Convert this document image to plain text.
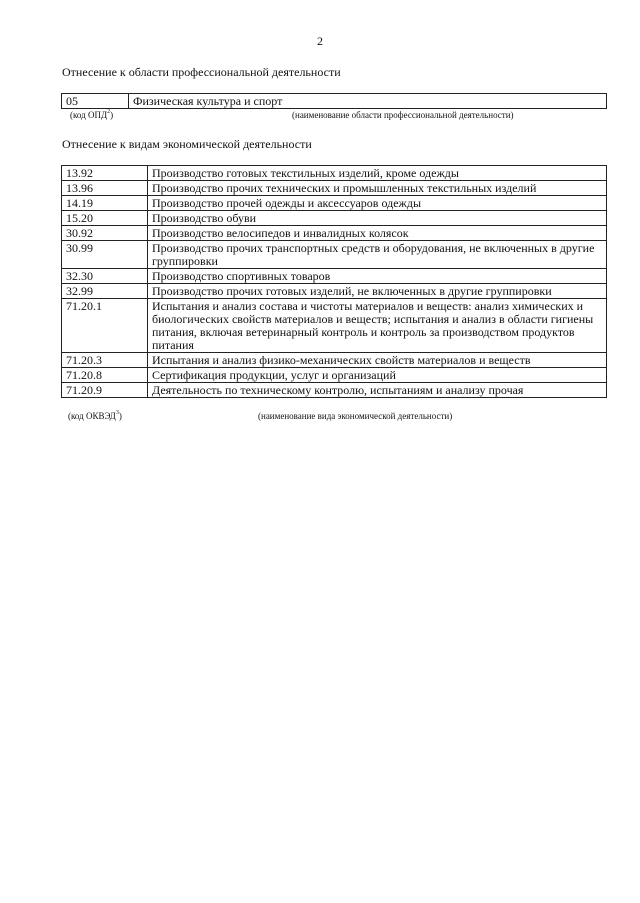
2
Отнесение к области профессиональной деятельности
05	Физическая культура и спорт
(код ОПД$^2$)	(наименование области профессиональной деятельности)
Отнесение к видам экономической деятельности
13.92	Производство готовых текстильных изделий, кроме одежды
13.96	Производство прочих технических и промышленных текстильных изделий
14.19	Производство прочей одежды и аксессуаров одежды
15.20	Производство обуви
30.92	Производство велосипедов и инвалидных колясок
30.99	Производство прочих транспортных средств и оборудования, не включенных в другие группировки
32.30	Производство спортивных товаров
32.99	Производство прочих готовых изделий, не включенных в другие группировки
71.20.1	Испытания и анализ состава и чистоты материалов и веществ: анализ химических и биологических свойств материалов и веществ; испытания и анализ в области гигиены питания, включая ветеринарный контроль и контроль за производством продуктов питания
71.20.3	Испытания и анализ физико-механических свойств материалов и веществ
71.20.8	Сертификация продукции, услуг и организаций
71.20.9	Деятельность по техническому контролю, испытаниям и анализу прочая
(код ОКВЭД$^3$)	(наименование вида экономической деятельности)
